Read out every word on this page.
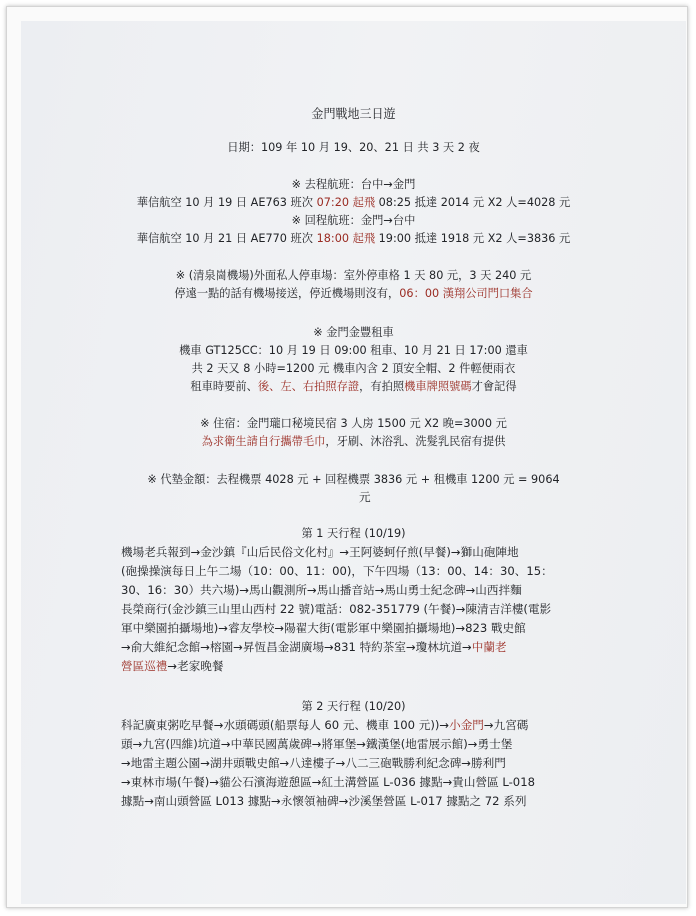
金門戰地三日遊
日期：109 年 10 月 19、20、21 日 共 3 天 2 夜
※ 去程航班：台中→金門
華信航空 10 月 19 日 AE763 班次 07:20 起飛 08:25 抵達 2014 元 X2 人=4028 元
※ 回程航班：金門→台中
華信航空 10 月 21 日 AE770 班次 18:00 起飛 19:00 抵達 1918 元 X2 人=3836 元
※ (清泉崗機場)外面私人停車場：室外停車格 1 天 80 元，3 天 240 元
停遠一點的話有機場接送，停近機場則沒有，06：00 漢翔公司門口集合
※ 金門金豐租車
機車 GT125CC：10 月 19 日 09:00 租車、10 月 21 日 17:00 還車
共 2 天又 8 小時=1200 元 機車內含 2 頂安全帽、2 件輕便雨衣
租車時要前、後、左、右拍照存證，有拍照機車牌照號碼才會記得
※ 住宿：金門瓏口秘境民宿 3 人房 1500 元 X2 晚=3000 元
為求衛生請自行攜帶毛巾，牙刷、沐浴乳、洗髮乳民宿有提供
※ 代墊金額：去程機票 4028 元 + 回程機票 3836 元 + 租機車 1200 元 = 9064
元
第 1 天行程 (10/19)
機場老兵報到→金沙鎮『山后民俗文化村』→王阿婆蚵仔煎(早餐)→獅山砲陣地
(砲操操演每日上午二場（10：00、11：00)，下午四場（13：00、14：30、15：
30、16：30）共六場)→馬山觀測所→馬山播音站→馬山勇士紀念碑→山西拌麵
長榮商行(金沙鎮三山里山西村 22 號)電話：082-351779 (午餐)→陳清吉洋樓(電影
軍中樂園拍攝場地)→睿友學校→陽翟大街(電影軍中樂園拍攝場地)→823 戰史館
→俞大維紀念館→榕園→昇恆昌金湖廣場→831 特約茶室→瓊林坑道→中蘭老
營區巡禮→老家晚餐
第 2 天行程 (10/20)
科記廣東粥吃早餐→水頭碼頭(船票每人 60 元、機車 100 元))→小金門→九宮碼
頭→九宮(四維)坑道→中華民國萬歲碑→將軍堡→鐵漢堡(地雷展示館)→勇士堡
→地雷主題公園→湖井頭戰史館→八達樓子→八二三砲戰勝利紀念碑→勝利門
→東林市場(午餐)→貓公石濱海遊憩區→紅土溝營區 L-036 據點→貴山營區 L-018
據點→南山頭營區 L013 據點→永懷領袖碑→沙溪堡營區 L-017 據點之 72 系列
